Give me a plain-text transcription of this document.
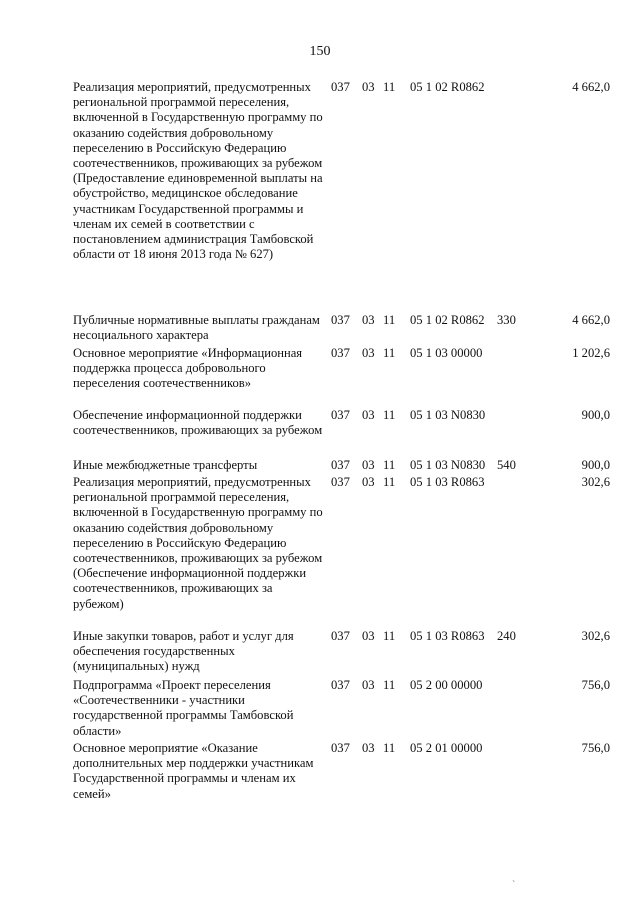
150
Реализация мероприятий, предусмотренных региональной программой переселения, включенной в Государственную программу по оказанию содействия добровольному переселению в Российскую Федерацию соотечественников, проживающих за рубежом (Предоставление единовременной выплаты на обустройство, медицинское обследование участникам Государственной программы и членам их семей в соответствии с постановлением администрация Тамбовской области от 18 июня 2013 года № 627)
037 03 11 05 1 02 R0862	4 662,0
Публичные нормативные выплаты гражданам несоциального характера
037 03 11 05 1 02 R0862 330	4 662,0
Основное мероприятие «Информационная поддержка процесса добровольного переселения соотечественников»
037 03 11 05 1 03 00000	1 202,6
Обеспечение информационной поддержки соотечественников, проживающих за рубежом
037 03 11 05 1 03 N0830	900,0
Иные межбюджетные трансферты	037 03 11 05 1 03 N0830 540	900,0
Реализация мероприятий, предусмотренных региональной программой переселения, включенной в Государственную программу по оказанию содействия добровольному переселению в Российскую Федерацию соотечественников, проживающих за рубежом (Обеспечение информационной поддержки соотечественников, проживающих за рубежом)
037 03 11 05 1 03 R0863	302,6
Иные закупки товаров, работ и услуг для обеспечения государственных (муниципальных) нужд
037 03 11 05 1 03 R0863 240	302,6
Подпрограмма «Проект переселения «Соотечественники - участники государственной программы Тамбовской области»
037 03 11 05 2 00 00000	756,0
Основное мероприятие «Оказание дополнительных мер поддержки участникам Государственной программы и членам их семей»
037 03 11 05 2 01 00000	756,0
`
